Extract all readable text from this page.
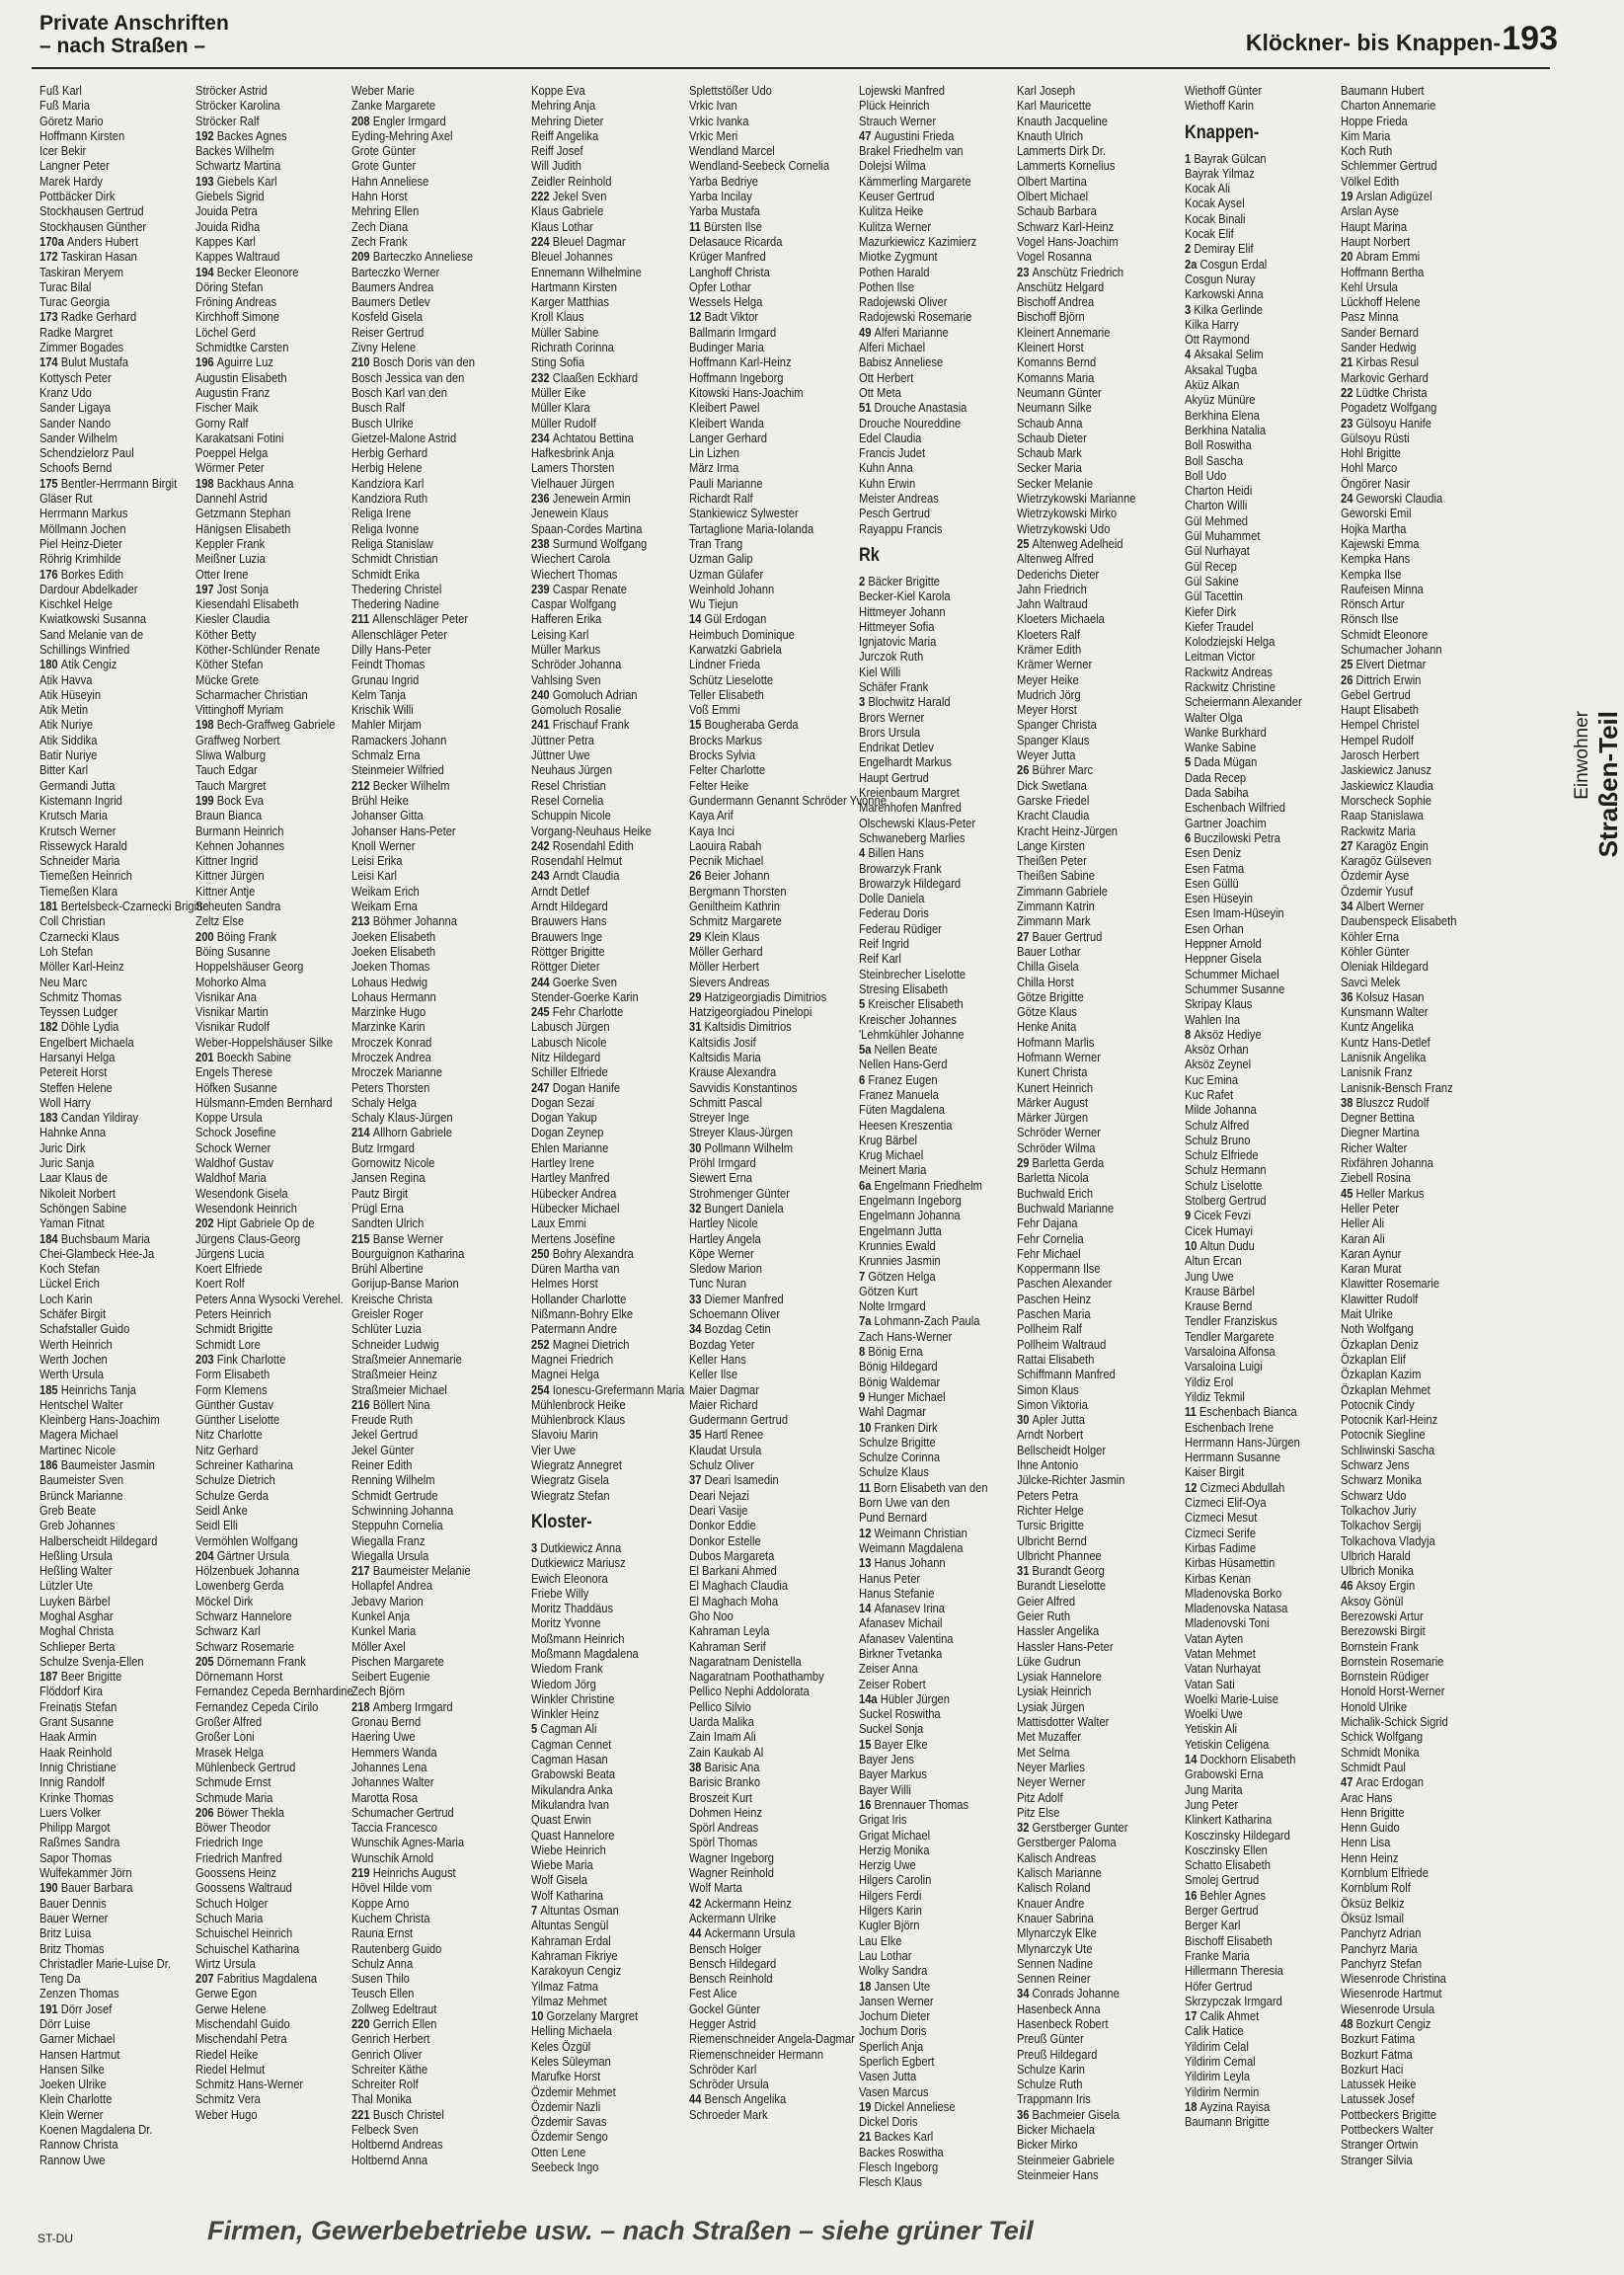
Private Anschriften
– nach Straßen –	Klöckner- bis Knappen- 193
Fuß Karl
Fuß Maria
Göretz Mario
Hoffmann Kirsten
Icer Bekir
Langner Peter
Marek Hardy
Pottbäcker Dirk
Stockhausen Gertrud
Stockhausen Günther
170a Anders Hubert
172 Taskiran Hasan
Taskiran Meryem
Turac Bilal
Turac Georgia
173 Radke Gerhard
Radke Margret
Zimmer Bogades
174 Bulut Mustafa
Kottysch Peter
Kranz Udo
Sander Ligaya
Sander Nando
Sander Wilhelm
Schendzielorz Paul
Schoofs Bernd
175 Bentler-Herrmann Birgit
Gläser Rut
Herrmann Markus
Möllmann Jochen
Piel Heinz-Dieter
Röhrig Krimhilde
176 Borkes Edith
Dardour Abdelkader
Kischkel Helge
Kwiatkowski Susanna
Sand Melanie van de
Schillings Winfried
180 Atik Cengiz
Atik Havva
Atik Hüseyin
Atik Metin
Atik Nuriye
Atik Siddika
Batir Nuriye
Bitter Karl
Germandi Jutta
Kistemann Ingrid
Krutsch Maria
Krutsch Werner
Rissewyck Harald
Schneider Maria
Tiemeßen Heinrich
Tiemeßen Klara
181 Bertelsbeck-Czarnecki Brigitte
Coll Christian
Czarnecki Klaus
Loh Stefan
Möller Karl-Heinz
Neu Marc
Schmitz Thomas
Teyssen Ludger
182 Döhle Lydia
Engelbert Michaela
Harsanyi Helga
Petereit Horst
Steffen Helene
Woll Harry
183 Candan Yildiray
Hahnke Anna
Juric Dirk
Juric Sanja
Laar Klaus de
Nikoleit Norbert
Schöngen Sabine
Yaman Fitnat
184 Buchsbaum Maria
Chei-Glambeck Hee-Ja
Koch Stefan
Lückel Erich
Loch Karin
Schäfer Birgit
Schafstaller Guido
Werth Heinrich
Werth Jochen
Werth Ursula
185 Heinrichs Tanja
Hentschel Walter
Kleinberg Hans-Joachim
Magera Michael
Martinec Nicole
186 Baumeister Jasmin
Baumeister Sven
Brünck Marianne
Greb Beate
Greb Johannes
Halberscheidt Hildegard
Heßling Ursula
Heßling Walter
Lützler Ute
Luyken Bärbel
Moghal Asghar
Moghal Christa
Schlieper Berta
Schulze Svenja-Ellen
187 Beer Brigitte
Flöddorf Kira
Freinatis Stefan
Grant Susanne
Haak Armin
Haak Reinhold
Innig Christiane
Innig Randolf
Krinke Thomas
Luers Volker
Philipp Margot
Raßmes Sandra
Sapor Thomas
Wulfekammer Jörn
190 Bauer Barbara
Bauer Dennis
Bauer Werner
Britz Luisa
Britz Thomas
Christadler Marie-Luise Dr.
Teng Da
Zenzen Thomas
191 Dörr Josef
Dörr Luise
Garner Michael
Hansen Hartmut
Hansen Silke
Joeken Ulrike
Klein Charlotte
Klein Werner
Koenen Magdalena Dr.
Rannow Christa
Rannow Uwe
Ströcker Astrid
Ströcker Karolina
Ströcker Ralf
192 Backes Agnes
Backes Wilhelm
Schwartz Martina
193 Giebels Karl
Giebels Sigrid
Jouida Petra
Jouida Ridha
Kappes Karl
Kappes Waltraud
194 Becker Eleonore
Döring Stefan
Fröning Andreas
Kirchhoff Simone
Löchel Gerd
Schmidtke Carsten
196 Aguirre Luz
Augustin Elisabeth
Augustin Franz
Fischer Maik
Gorny Ralf
Karakatsani Fotini
Poeppel Helga
Wörmer Peter
198 Backhaus Anna
Dannehl Astrid
Getzmann Stephan
Hänigsen Elisabeth
Keppler Frank
Meißner Luzia
Otter Irene
197 Jost Sonja
Kiesendahl Elisabeth
Kiesler Claudia
Köther Betty
Köther-Schlünder Renate
Köther Stefan
Mücke Grete
Scharmacher Christian
Vittinghoff Myriam
198 Bech-Graffweg Gabriele
Graffweg Norbert
Sliwa Walburg
Tauch Edgar
Tauch Margret
199 Bock Eva
Braun Bianca
Burmann Heinrich
Kehnen Johannes
Kittner Ingrid
Kittner Jürgen
Kittner Antje
Scheuten Sandra
Zeltz Else
200 Böing Frank
Böing Susanne
Hoppelshäuser Georg
Mohorko Alma
Visnikar Ana
Visnikar Martin
Visnikar Rudolf
Weber-Hoppelshäuser Silke
201 Boeckh Sabine
Engels Therese
Höfken Susanne
Hülsmann-Emden Bernhard
Koppe Ursula
Schock Josefine
Schock Werner
Waldhof Gustav
Waldhof Maria
Wesendonk Gisela
Wesendonk Heinrich
202 Hipt Gabriele Op de
Jürgens Claus-Georg
Jürgens Lucia
Koert Elfriede
Koert Rolf
Peters Anna Wysocki Verehel.
Peters Heinrich
Schmidt Brigitte
Schmidt Lore
203 Fink Charlotte
Form Elisabeth
Form Klemens
Günther Gustav
Günther Liselotte
Nitz Charlotte
Nitz Gerhard
Schreiner Katharina
Schulze Dietrich
Schulze Gerda
Seidl Anke
Seidl Elli
Vermöhlen Wolfgang
204 Gärtner Ursula
Hölzenbuek Johanna
Lowenberg Gerda
Möckel Dirk
Schwarz Hannelore
Schwarz Karl
Schwarz Rosemarie
205 Dörnemann Frank
Dörnemann Horst
Fernandez Cepeda Bernhardine
Fernandez Cepeda Cirilo
Großer Alfred
Großer Loni
Mrasek Helga
Mühlenbeck Gertrud
Schmude Ernst
Schmude Maria
206 Böwer Thekla
Böwer Theodor
Friedrich Inge
Friedrich Manfred
Goossens Heinz
Goossens Waltraud
Schuch Holger
Schuch Maria
Schuischel Heinrich
Schuischel Katharina
Wirtz Ursula
207 Fabritius Magdalena
Gerwe Egon
Gerwe Helene
Mischendahl Guido
Mischendahl Petra
Riedel Heike
Riedel Helmut
Schmitz Hans-Werner
Schmitz Vera
Weber Hugo
Weber Marie
Zanke Margarete
208 Engler Irmgard
Eyding-Mehring Axel
Grote Günter
Grote Gunter
Hahn Anneliese
Hahn Horst
Mehring Ellen
Zech Diana
Zech Frank
209 Barteczko Anneliese
Barteczko Werner
Baumers Andrea
Baumers Detlev
Kosfeld Gisela
Reiser Gertrud
Zivny Helene
210 Bosch Doris van den
Bosch Jessica van den
Bosch Karl van den
Busch Ralf
Busch Ulrike
Gietzel-Malone Astrid
Herbig Gerhard
Herbig Helene
Kandziora Karl
Kandziora Ruth
Religa Irene
Religa Ivonne
Religa Stanislaw
Schmidt Christian
Schmidt Erika
Thedering Christel
Thedering Nadine
211 Allenschläger Peter
Allenschläger Peter
Dilly Hans-Peter
Feindt Thomas
Grunau Ingrid
Kelm Tanja
Krischik Willi
Mahler Mirjam
Ramackers Johann
Schmalz Erna
Steinmeier Wilfried
212 Becker Wilhelm
Brühl Heike
Johanser Gitta
Johanser Hans-Peter
Knoll Werner
Leisi Erika
Leisi Karl
Weikam Erich
Weikam Erna
213 Böhmer Johanna
Joeken Elisabeth
Joeken Elisabeth
Joeken Thomas
Lohaus Hedwig
Lohaus Hermann
Marzinke Hugo
Marzinke Karin
Mroczek Konrad
Mroczek Andrea
Mroczek Marianne
Peters Thorsten
Schaly Helga
Schaly Klaus-Jürgen
214 Allhorn Gabriele
Butz Irmgard
Gornowitz Nicole
Jansen Regina
Pautz Birgit
Prügl Erna
Sandten Ulrich
215 Banse Werner
Bourguignon Katharina
Brühl Albertine
Gorijup-Banse Marion
Kreische Christa
Greisler Roger
Schlüter Luzia
Schneider Ludwig
Straßmeier Annemarie
Straßmeier Heinz
Straßmeier Michael
216 Böllert Nina
Freude Ruth
Jekel Gertrud
Jekel Günter
Reiner Edith
Renning Wilhelm
Schmidt Gertrude
Schwinning Johanna
Steppuhn Cornelia
Wiegalla Franz
Wiegalla Ursula
217 Baumeister Melanie
Hollapfel Andrea
Jebavy Marion
Kunkel Anja
Kunkel Maria
Möller Axel
Pischen Margarete
Seibert Eugenie
Zech Björn
218 Amberg Irmgard
Gronau Bernd
Haering Uwe
Hemmers Wanda
Johannes Lena
Johannes Walter
Marotta Rosa
Schumacher Gertrud
Taccia Francesco
Wunschik Agnes-Maria
Wunschik Arnold
219 Heinrichs August
Hövel Hilde vom
Koppe Arno
Kuchem Christa
Rauna Ernst
Rautenberg Guido
Schulz Anna
Susen Thilo
Teusch Ellen
Zollweg Edeltraut
220 Gerrich Ellen
Genrich Herbert
Genrich Oliver
Schreiter Käthe
Schreiter Rolf
Thal Monika
221 Busch Christel
Felbeck Sven
Holtbernd Andreas
Holtbernd Anna
Koppe Eva
Mehring Anja
Mehring Dieter
Reiff Angelika
Reiff Josef
Will Judith
Zeidler Reinhold
222 Jekel Sven
Klaus Gabriele
Klaus Lothar
224 Bleuel Dagmar
Bleuel Johannes
Ennemann Wilhelmine
Hartmann Kirsten
Karger Matthias
Kroll Klaus
Müller Sabine
Richrath Corinna
Sting Sofia
232 Claaßen Eckhard
Müller Eike
Müller Klara
Müller Rudolf
234 Achtatou Bettina
Hafkesbrink Anja
Lamers Thorsten
Vielhauer Jürgen
236 Jenewein Armin
Jenewein Klaus
Spaan-Cordes Martina
238 Surmund Wolfgang
Wiechert Carola
Wiechert Thomas
239 Caspar Renate
Caspar Wolfgang
Hafferen Erika
Leising Karl
Müller Markus
Schröder Johanna
Vahlsing Sven
240 Gomoluch Adrian
Gomoluch Rosalie
241 Frischauf Frank
Jüttner Petra
Jüttner Uwe
Neuhaus Jürgen
Resel Christian
Resel Cornelia
Schuppin Nicole
Vorgang-Neuhaus Heike
242 Rosendahl Edith
Rosendahl Helmut
243 Arndt Claudia
Arndt Detlef
Arndt Hildegard
Brauwers Hans
Brauwers Inge
Röttger Brigitte
Röttger Dieter
244 Goerke Sven
Stender-Goerke Karin
245 Fehr Charlotte
Labusch Jürgen
Labusch Nicole
Nitz Hildegard
Schiller Elfriede
247 Dogan Hanife
Dogan Sezai
Dogan Yakup
Dogan Zeynep
Ehlen Marianne
Hartley Irene
Hartley Manfred
Hübecker Andrea
Hübecker Michael
Laux Emmi
Mertens Josefine
250 Bohry Alexandra
Düren Martha van
Helmes Horst
Hollander Charlotte
Nißmann-Bohry Elke
Patermann Andre
252 Magnei Dietrich
Magnei Friedrich
Magnei Helga
254 Ionescu-Grefermann Maria
Mühlenbrock Heike
Mühlenbrock Klaus
Slavoiu Marin
Vier Uwe
Wiegratz Annegret
Wiegratz Gisela
Wiegratz Stefan
Kloster-
3 Dutkiewicz Anna
Dutkiewicz Mariusz
Ewich Eleonora
Friebe Willy
Moritz Thaddäus
Moritz Yvonne
Moßmann Heinrich
Moßmann Magdalena
Wiedom Frank
Wiedom Jörg
Winkler Christine
Winkler Heinz
5 Cagman Ali
Cagman Cennet
Cagman Hasan
Grabowski Beata
Mikulandra Anka
Mikulandra Ivan
Quast Erwin
Quast Hannelore
Wiebe Heinrich
Wiebe Maria
Wolf Gisela
Wolf Katharina
7 Altuntas Osman
Altuntas Sengül
Kahraman Erdal
Kahraman Fikriye
Karakoyun Cengiz
Yilmaz Fatma
Yilmaz Mehmet
10 Gorzelany Margret
Helling Michaela
Keles Özgül
Keles Süleyman
Marufke Horst
Özdemir Mehmet
Özdemir Nazli
Özdemir Savas
Özdemir Sengo
Otten Lene
Seebeck Ingo
Splettstößer Udo
Vrkic Ivan
Vrkic Ivanka
Vrkic Meri
Wendland Marcel
Wendland-Seebeck Cornelia
Yarba Bedriye
Yarba Incilay
Yarba Mustafa
11 Bürsten Ilse
Delasauce Ricarda
Krüger Manfred
Langhoff Christa
Opfer Lothar
Wessels Helga
12 Badt Viktor
Ballmann Irmgard
Budinger Maria
Hoffmann Karl-Heinz
Hoffmann Ingeborg
Kitowski Hans-Joachim
Kleibert Pawel
Kleibert Wanda
Langer Gerhard
Lin Lizhen
März Irma
Pauli Marianne
Richardt Ralf
Stankiewicz Sylwester
Tartaglione Maria-Iolanda
Tran Trang
Uzman Galip
Uzman Gülafer
Weinhold Johann
Wu Tiejun
14 Gül Erdogan
Heimbuch Dominique
Karwatzki Gabriela
Lindner Frieda
Schütz Lieselotte
Teller Elisabeth
Voß Emmi
15 Bougheraba Gerda
Brocks Markus
Brocks Sylvia
Felter Charlotte
Felter Heike
Gundermann Genannt Schröder Yvonne
Kaya Arif
Kaya Inci
Laouira Rabah
Pecnik Michael
26 Beier Johann
Bergmann Thorsten
Geniltheim Kathrin
Schmitz Margarete
29 Klein Klaus
Möller Gerhard
Möller Herbert
Sievers Andreas
29 Hatzigeorgiadis Dimitrios
Hatzigeorgiadou Pinelopi
31 Kaltsidis Dimitrios
Kaltsidis Josif
Kaltsidis Maria
Krause Alexandra
Savvidis Konstantinos
Schmitt Pascal
Streyer Inge
Streyer Klaus-Jürgen
30 Pollmann Wilhelm
Pröhl Irmgard
Siewert Erna
Strohmenger Günter
32 Bungert Daniela
Hartley Nicole
Hartley Angela
Köpe Werner
Sledow Marion
Tunc Nuran
33 Diemer Manfred
Schoemann Oliver
34 Bozdag Cetin
Bozdag Yeter
Keller Hans
Keller Ilse
Maier Dagmar
Maier Richard
Gudermann Gertrud
35 Hartl Renee
Klaudat Ursula
Schulz Oliver
37 Deari Isamedin
Deari Nejazi
Deari Vasije
Donkor Eddie
Donkor Estelle
Dubos Margareta
El Barkani Ahmed
El Maghach Claudia
El Maghach Moha
Gho Noo
Kahraman Leyla
Kahraman Serif
Nagaratnam Denistella
Nagaratnam Poothathamby
Pellico Nephi Addolorata
Pellico Silvio
Uarda Malika
Zain Imam Ali
Zain Kaukab Al
38 Barisic Ana
Barisic Branko
Broszeit Kurt
Dohmen Heinz
Spörl Andreas
Spörl Thomas
Wagner Ingeborg
Wagner Reinhold
Wolf Marta
42 Ackermann Heinz
Ackermann Ulrike
44 Ackermann Ursula
Bensch Holger
Bensch Hildegard
Bensch Reinhold
Fest Alice
Gockel Günter
Hegger Astrid
Riemenschneider Angela-Dagmar
Riemenschneider Hermann
Schröder Karl
Schröder Ursula
44 Bensch Angelika
Schroeder Mark
Lojewski Manfred
Plück Heinrich
Strauch Werner
47 Augustini Frieda
Brakel Friedhelm van
Dolejsi Wilma
Kämmerling Margarete
Keuser Gertrud
Kulitza Heike
Kulitza Werner
Mazurkiewicz Kazimierz
Miotke Zygmunt
Pothen Harald
Pothen Ilse
Radojewski Oliver
Radojewski Rosemarie
49 Alferi Marianne
Alferi Michael
Babisz Anneliese
Ott Herbert
Ott Meta
51 Drouche Anastasia
Drouche Noureddine
Edel Claudia
Francis Judet
Kuhn Anna
Kuhn Erwin
Meister Andreas
Pesch Gertrud
Rayappu Francis
Rk
2 Bäcker Brigitte
Becker-Kiel Karola
Hittmeyer Johann
Hittmeyer Sofia
Ignjatovic Maria
Jurczok Ruth
Kiel Willi
Schäfer Frank
3 Blochwitz Harald
Brors Werner
Brors Ursula
Endrikat Detlev
Engelhardt Markus
Haupt Gertrud
Kreienbaum Margret
Marenhofen Manfred
Olschewski Klaus-Peter
Schwaneberg Marlies
4 Billen Hans
Browarzyk Frank
Browarzyk Hildegard
Dolle Daniela
Federau Doris
Federau Rüdiger
Reif Ingrid
Reif Karl
Steinbrecher Liselotte
Stresing Elisabeth
5 Kreischer Elisabeth
Kreischer Johannes
'Lehmkühler Johanne
5a Nellen Beate
Nellen Hans-Gerd
6 Franez Eugen
Franez Manuela
Füten Magdalena
Heesen Kreszentia
Krug Bärbel
Krug Michael
Meinert Maria
6a Engelmann Friedhelm
Engelmann Ingeborg
Engelmann Johanna
Engelmann Jutta
Krunnies Ewald
Krunnies Jasmin
7 Götzen Helga
Götzen Kurt
Nolte Irmgard
7a Lohmann-Zach Paula
Zach Hans-Werner
8 Bönig Erna
Bönig Hildegard
Bönig Waldemar
9 Hunger Michael
Wahl Dagmar
10 Franken Dirk
Schulze Brigitte
Schulze Corinna
Schulze Klaus
11 Born Elisabeth van den
Born Uwe van den
Pund Bernard
12 Weimann Christian
Weimann Magdalena
13 Hanus Johann
Hanus Peter
Hanus Stefanie
14 Afanasev Irina
Afanasev Michail
Afanasev Valentina
Birkner Tvetanka
Zeiser Anna
Zeiser Robert
14a Hübler Jürgen
Suckel Roswitha
Suckel Sonja
15 Bayer Elke
Bayer Jens
Bayer Markus
Bayer Willi
16 Brennauer Thomas
Grigat Iris
Grigat Michael
Herzig Monika
Herzig Uwe
Hilgers Carolin
Hilgers Ferdi
Hilgers Karin
Kugler Björn
Lau Elke
Lau Lothar
Wolky Sandra
18 Jansen Ute
Jansen Werner
Jochum Dieter
Jochum Doris
Sperlich Anja
Sperlich Egbert
Vasen Jutta
Vasen Marcus
19 Dickel Anneliese
Dickel Doris
21 Backes Karl
Backes Roswitha
Flesch Ingeborg
Flesch Klaus
Karl Joseph
Karl Mauricette
Knauth Jacqueline
Knauth Ulrich
Lammerts Dirk Dr.
Lammerts Kornelius
Olbert Martina
Olbert Michael
Schaub Barbara
Schwarz Karl-Heinz
Vogel Hans-Joachim
Vogel Rosanna
23 Anschütz Friedrich
Anschütz Helgard
Bischoff Andrea
Bischoff Björn
Kleinert Annemarie
Kleinert Horst
Komanns Bernd
Komanns Maria
Neumann Günter
Neumann Silke
Schaub Anna
Schaub Dieter
Schaub Mark
Secker Maria
Secker Melanie
Wietrzykowski Marianne
Wietrzykowski Mirko
Wietrzykowski Udo
25 Altenweg Adelheid
Altenweg Alfred
Dederichs Dieter
Jahn Friedrich
Jahn Waltraud
Kloeters Michaela
Kloeters Ralf
Krämer Edith
Krämer Werner
Meyer Heike
Mudrich Jörg
Meyer Horst
Spanger Christa
Spanger Klaus
Weyer Jutta
26 Bührer Marc
Dick Swetlana
Garske Friedel
Kracht Claudia
Kracht Heinz-Jürgen
Lange Kirsten
Theißen Peter
Theißen Sabine
Zimmann Gabriele
Zimmann Katrin
Zimmann Mark
27 Bauer Gertrud
Bauer Lothar
Chilla Gisela
Chilla Horst
Götze Brigitte
Götze Klaus
Henke Anita
Hofmann Marlis
Hofmann Werner
Kunert Christa
Kunert Heinrich
Märker August
Märker Jürgen
Schröder Werner
Schröder Wilma
29 Barletta Gerda
Barletta Nicola
Buchwald Erich
Buchwald Marianne
Fehr Dajana
Fehr Cornelia
Fehr Michael
Koppermann Ilse
Paschen Alexander
Paschen Heinz
Paschen Maria
Pollheim Ralf
Pollheim Waltraud
Rattai Elisabeth
Schiffmann Manfred
Simon Klaus
Simon Viktoria
30 Apler Jutta
Arndt Norbert
Bellscheidt Holger
Ihne Antonio
Jülcke-Richter Jasmin
Peters Petra
Richter Helge
Tursic Brigitte
Ulbricht Bernd
Ulbricht Phannee
31 Burandt Georg
Burandt Lieselotte
Geier Alfred
Geier Ruth
Hassler Angelika
Hassler Hans-Peter
Lüke Gudrun
Lysiak Hannelore
Lysiak Heinrich
Lysiak Jürgen
Mattisdotter Walter
Met Muzaffer
Met Selma
Neyer Marlies
Neyer Werner
Pitz Adolf
Pitz Else
32 Gerstberger Gunter
Gerstberger Paloma
Kalisch Andreas
Kalisch Marianne
Kalisch Roland
Knauer Andre
Knauer Sabrina
Mlynarczyk Elke
Mlynarczyk Ute
Sennen Nadine
Sennen Reiner
34 Conrads Johanne
Hasenbeck Anna
Hasenbeck Robert
Preuß Günter
Preuß Hildegard
Schulze Karin
Schulze Ruth
Trappmann Iris
36 Bachmeier Gisela
Bicker Michaela
Bicker Mirko
Steinmeier Gabriele
Steinmeier Hans
Wiethoff Günter
Wiethoff Karin
Knappen-
1 Bayrak Gülcan
Bayrak Yilmaz
Kocak Ali
Kocak Aysel
Kocak Binali
Kocak Elif
2 Demiray Elif
2a Cosgun Erdal
Cosgun Nuray
Karkowski Anna
3 Kilka Gerlinde
Kilka Harry
Ott Raymond
4 Aksakal Selim
Aksakal Tugba
Aküz Alkan
Akyüz Münüre
Berkhina Elena
Berkhina Natalia
Boll Roswitha
Boll Sascha
Boll Udo
Charton Heidi
Charton Willi
Gül Mehmed
Gül Muhammet
Gül Nurhayat
Gül Recep
Gül Sakine
Gül Tacettin
Kiefer Dirk
Kiefer Traudel
Kolodziejski Helga
Leitman Victor
Rackwitz Andreas
Rackwitz Christine
Scheiermann Alexander
Walter Olga
Wanke Burkhard
Wanke Sabine
5 Dada Mügan
Dada Recep
Dada Sabiha
Eschenbach Wilfried
Gartner Joachim
6 Buczilowski Petra
Esen Deniz
Esen Fatma
Esen Güllü
Esen Hüseyin
Esen Imam-Hüseyin
Esen Orhan
Heppner Arnold
Heppner Gisela
Schummer Michael
Schummer Susanne
Skripay Klaus
Wahlen Ina
8 Aksöz Hediye
Aksöz Orhan
Aksöz Zeynel
Kuc Emina
Kuc Rafet
Milde Johanna
Schulz Alfred
Schulz Bruno
Schulz Elfriede
Schulz Hermann
Schulz Liselotte
Stolberg Gertrud
9 Cicek Fevzi
Cicek Humayi
10 Altun Dudu
Altun Ercan
Jung Uwe
Krause Bärbel
Krause Bernd
Tendler Franziskus
Tendler Margarete
Varsaloina Alfonsa
Varsaloina Luigi
Yildiz Erol
Yildiz Tekmil
11 Eschenbach Bianca
Eschenbach Irene
Herrmann Hans-Jürgen
Herrmann Susanne
Kaiser Birgit
12 Cizmeci Abdullah
Cizmeci Elif-Oya
Cizmeci Mesut
Cizmeci Serife
Kirbas Fadime
Kirbas Hüsamettin
Kirbas Kenan
Mladenovska Borko
Mladenovska Natasa
Mladenovski Toni
Vatan Ayten
Vatan Mehmet
Vatan Nurhayat
Vatan Sati
Woelki Marie-Luise
Woelki Uwe
Yetiskin Ali
Yetiskin Celigena
14 Dockhorn Elisabeth
Grabowski Erna
Jung Marita
Jung Peter
Klinkert Katharina
Kosczinsky Hildegard
Kosczinsky Ellen
Schatto Elisabeth
Smolej Gertrud
16 Behler Agnes
Berger Gertrud
Berger Karl
Bischoff Elisabeth
Franke Maria
Hillermann Theresia
Höfer Gertrud
Skrzypczak Irmgard
17 Calik Ahmet
Calik Hatice
Yildirim Celal
Yildirim Cemal
Yildirim Leyla
Yildirim Nermin
18 Ayzina Rayisa
Baumann Brigitte
Baumann Hubert
Charton Annemarie
Hoppe Frieda
Kim Maria
Koch Ruth
Schlemmer Gertrud
Völkel Edith
19 Arslan Adigüzel
Arslan Ayse
Haupt Marina
Haupt Norbert
20 Abram Emmi
Hoffmann Bertha
Kehl Ursula
Lückhoff Helene
Pasz Minna
Sander Bernard
Sander Hedwig
21 Kirbas Resul
Markovic Gerhard
22 Lüdtke Christa
Pogadetz Wolfgang
23 Gülsoyu Hanife
Gülsoyu Rüsti
Hohl Brigitte
Hohl Marco
Öngörer Nasir
24 Geworski Claudia
Geworski Emil
Hojka Martha
Kajewski Emma
Kempka Hans
Kempka Ilse
Raufeisen Minna
Rönsch Artur
Rönsch Ilse
Schmidt Eleonore
Schumacher Johann
25 Elvert Dietmar
26 Dittrich Erwin
Gebel Gertrud
Haupt Elisabeth
Hempel Christel
Hempel Rudolf
Jarosch Herbert
Jaskiewicz Janusz
Jaskiewicz Klaudia
Morscheck Sophie
Raap Stanislawa
Rackwitz Maria
27 Karagöz Engin
Karagöz Gülseven
Özdemir Ayse
Özdemir Yusuf
34 Albert Werner
Daubenspeck Elisabeth
Köhler Erna
Köhler Günter
Oleniak Hildegard
Savci Melek
36 Kolsuz Hasan
Kunsmann Walter
Kuntz Angelika
Kuntz Hans-Detlef
Lanisnik Angelika
Lanisnik Franz
Lanisnik-Bensch Franz
38 Bluszcz Rudolf
Degner Bettina
Diegner Martina
Richer Walter
Rixfähren Johanna
Ziebell Rosina
45 Heller Markus
Heller Peter
Heller Ali
Karan Ali
Karan Aynur
Karan Murat
Klawitter Rosemarie
Klawitter Rudolf
Mait Ulrike
Noth Wolfgang
Özkaplan Deniz
Özkaplan Elif
Özkaplan Kazim
Özkaplan Mehmet
Potocnik Cindy
Potocnik Karl-Heinz
Potocnik Siegline
Schliwinski Sascha
Schwarz Jens
Schwarz Monika
Schwarz Udo
Tolkachov Juriy
Tolkachov Sergij
Tolkachova Vladyja
Ulbrich Harald
Ulbrich Monika
46 Aksoy Ergin
Aksoy Gönül
Berezowski Artur
Berezowski Birgit
Bornstein Frank
Bornstein Rosemarie
Bornstein Rüdiger
Honold Horst-Werner
Honold Ulrike
Michalik-Schick Sigrid
Schick Wolfgang
Schmidt Monika
Schmidt Paul
47 Arac Erdogan
Arac Hans
Henn Brigitte
Henn Guido
Henn Lisa
Henn Heinz
Kornblum Elfriede
Kornblum Rolf
Öksüz Belkiz
Öksüz Ismail
Panchyrz Adrian
Panchyrz Maria
Panchyrz Stefan
Wiesenrode Christina
Wiesenrode Hartmut
Wiesenrode Ursula
48 Bozkurt Cengiz
Bozkurt Fatima
Bozkurt Fatma
Bozkurt Haci
Latussek Heike
Latussek Josef
Pottbeckers Brigitte
Pottbeckers Walter
Stranger Ortwin
Stranger Silvia
Einwohner Straßen-Teil
ST-DU	Firmen, Gewerbebetriebe usw. – nach Straßen – siehe grüner Teil
